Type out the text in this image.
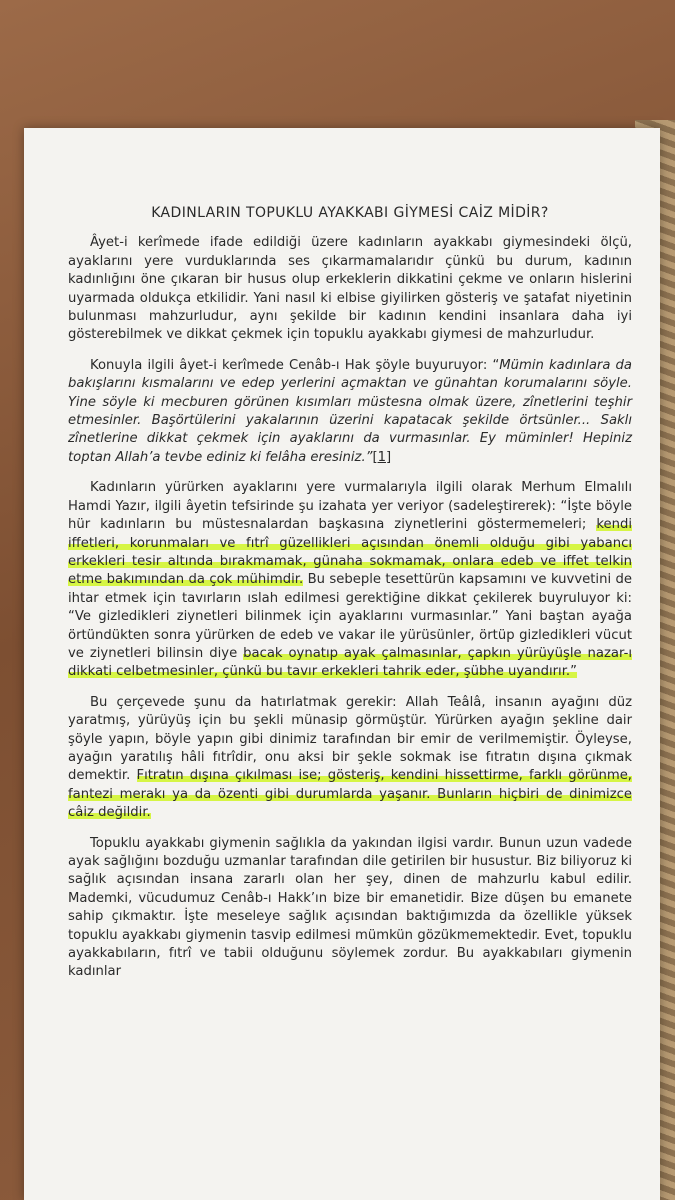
KADINLARIN TOPUKLU AYAKKABI GİYMESİ CAİZ MİDİR?

Âyet-i kerîmede ifade edildiği üzere kadınların ayakkabı giymesindeki ölçü, ayaklarını yere vurduklarında ses çıkarmamalarıdır çünkü bu durum, kadının kadınlığını öne çıkaran bir husus olup erkeklerin dikkatini çekme ve onların hislerini uyarmada oldukça etkilidir. Yani nasıl ki elbise giyilirken gösteriş ve şatafat niyetinin bulunması mahzurludur, aynı şekilde bir kadının kendini insanlara daha iyi gösterebilmek ve dikkat çekmek için topuklu ayakkabı giymesi de mahzurludur.

Konuyla ilgili âyet-i kerîmede Cenâb-ı Hak şöyle buyuruyor: “Mümin kadınlara da bakışlarını kısmalarını ve edep yerlerini açmaktan ve günahtan korumalarını söyle. Yine söyle ki mecburen görünen kısımları müstesna olmak üzere, zînetlerini teşhir etmesinler. Başörtülerini yakalarının üzerini kapatacak şekilde örtsünler... Saklı zînetlerine dikkat çekmek için ayaklarını da vurmasınlar. Ey müminler! Hepiniz toptan Allah’a tevbe ediniz ki felâha eresiniz.”[1]

Kadınların yürürken ayaklarını yere vurmalarıyla ilgili olarak Merhum Elmalılı Hamdi Yazır, ilgili âyetin tefsirinde şu izahata yer veriyor (sadeleştirerek): “İşte böyle hür kadınların bu müstesnalardan başkasına ziynetlerini göstermemeleri; kendi iffetleri, korunmaları ve fıtrî güzellikleri açısından önemli olduğu gibi yabancı erkekleri tesir altında bırakmamak, günaha sokmamak, onlara edeb ve iffet telkin etme bakımından da çok mühimdir. Bu sebeple tesettürün kapsamını ve kuvvetini de ihtar etmek için tavırların ıslah edilmesi gerektiğine dikkat çekilerek buyruluyor ki: “Ve gizledikleri ziynetleri bilinmek için ayaklarını vurmasınlar.” Yani baştan ayağa örtündükten sonra yürürken de edeb ve vakar ile yürüsünler, örtüp gizledikleri vücut ve ziynetleri bilinsin diye bacak oynatıp ayak çalmasınlar, çapkın yürüyüşle nazar-ı dikkati celbetmesinler, çünkü bu tavır erkekleri tahrik eder, şübhe uyandırır.”

Bu çerçevede şunu da hatırlatmak gerekir: Allah Teâlâ, insanın ayağını düz yaratmış, yürüyüş için bu şekli münasip görmüştür. Yürürken ayağın şekline dair şöyle yapın, böyle yapın gibi dinimiz tarafından bir emir de verilmemiştir. Öyleyse, ayağın yaratılış hâli fıtrîdir, onu aksi bir şekle sokmak ise fıtratın dışına çıkmak demektir. Fıtratın dışına çıkılması ise; gösteriş, kendini hissettirme, farklı görünme, fantezi merakı ya da özenti gibi durumlarda yaşanır. Bunların hiçbiri de dinimizce câiz değildir.

Topuklu ayakkabı giymenin sağlıkla da yakından ilgisi vardır. Bunun uzun vadede ayak sağlığını bozduğu uzmanlar tarafından dile getirilen bir husustur. Biz biliyoruz ki sağlık açısından insana zararlı olan her şey, dinen de mahzurlu kabul edilir. Mademki, vücudumuz Cenâb-ı Hakk’ın bize bir emanetidir. Bize düşen bu emanete sahip çıkmaktır. İşte meseleye sağlık açısından baktığımızda da özellikle yüksek topuklu ayakkabı giymenin tasvip edilmesi mümkün gözükmemektedir. Evet, topuklu ayakkabıların, fıtrî ve tabii olduğunu söylemek zordur. Bu ayakkabıları giymenin kadınlar
